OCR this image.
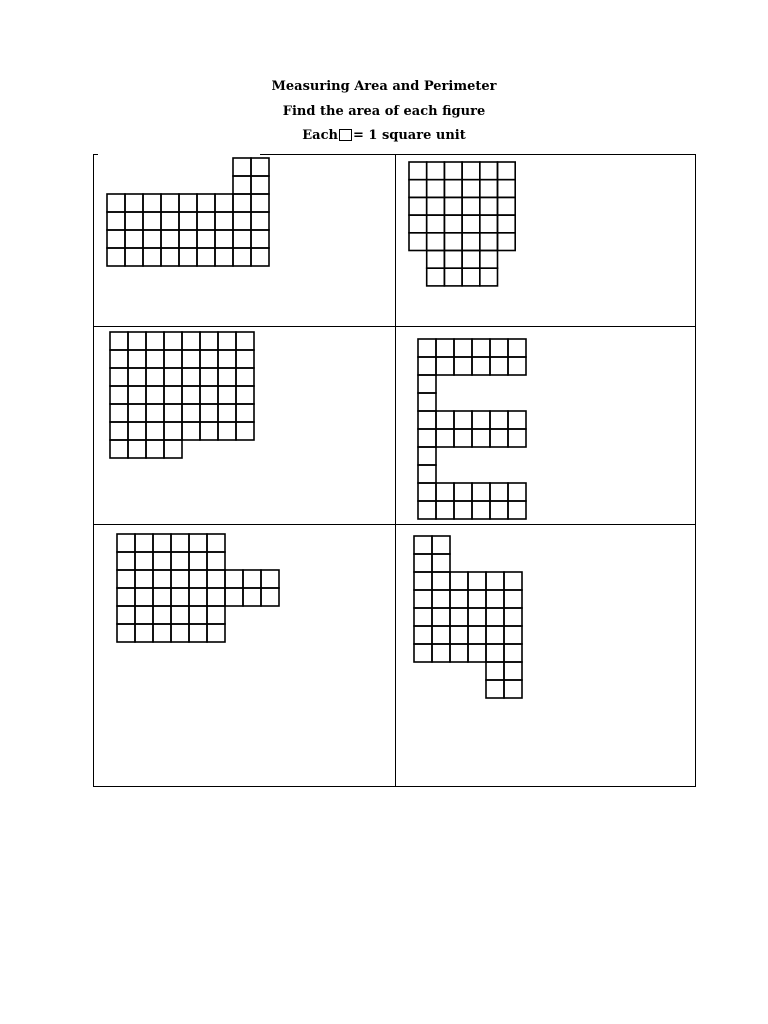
Measuring Area and Perimeter
Find the area of each figure
Each = 1 square unit
